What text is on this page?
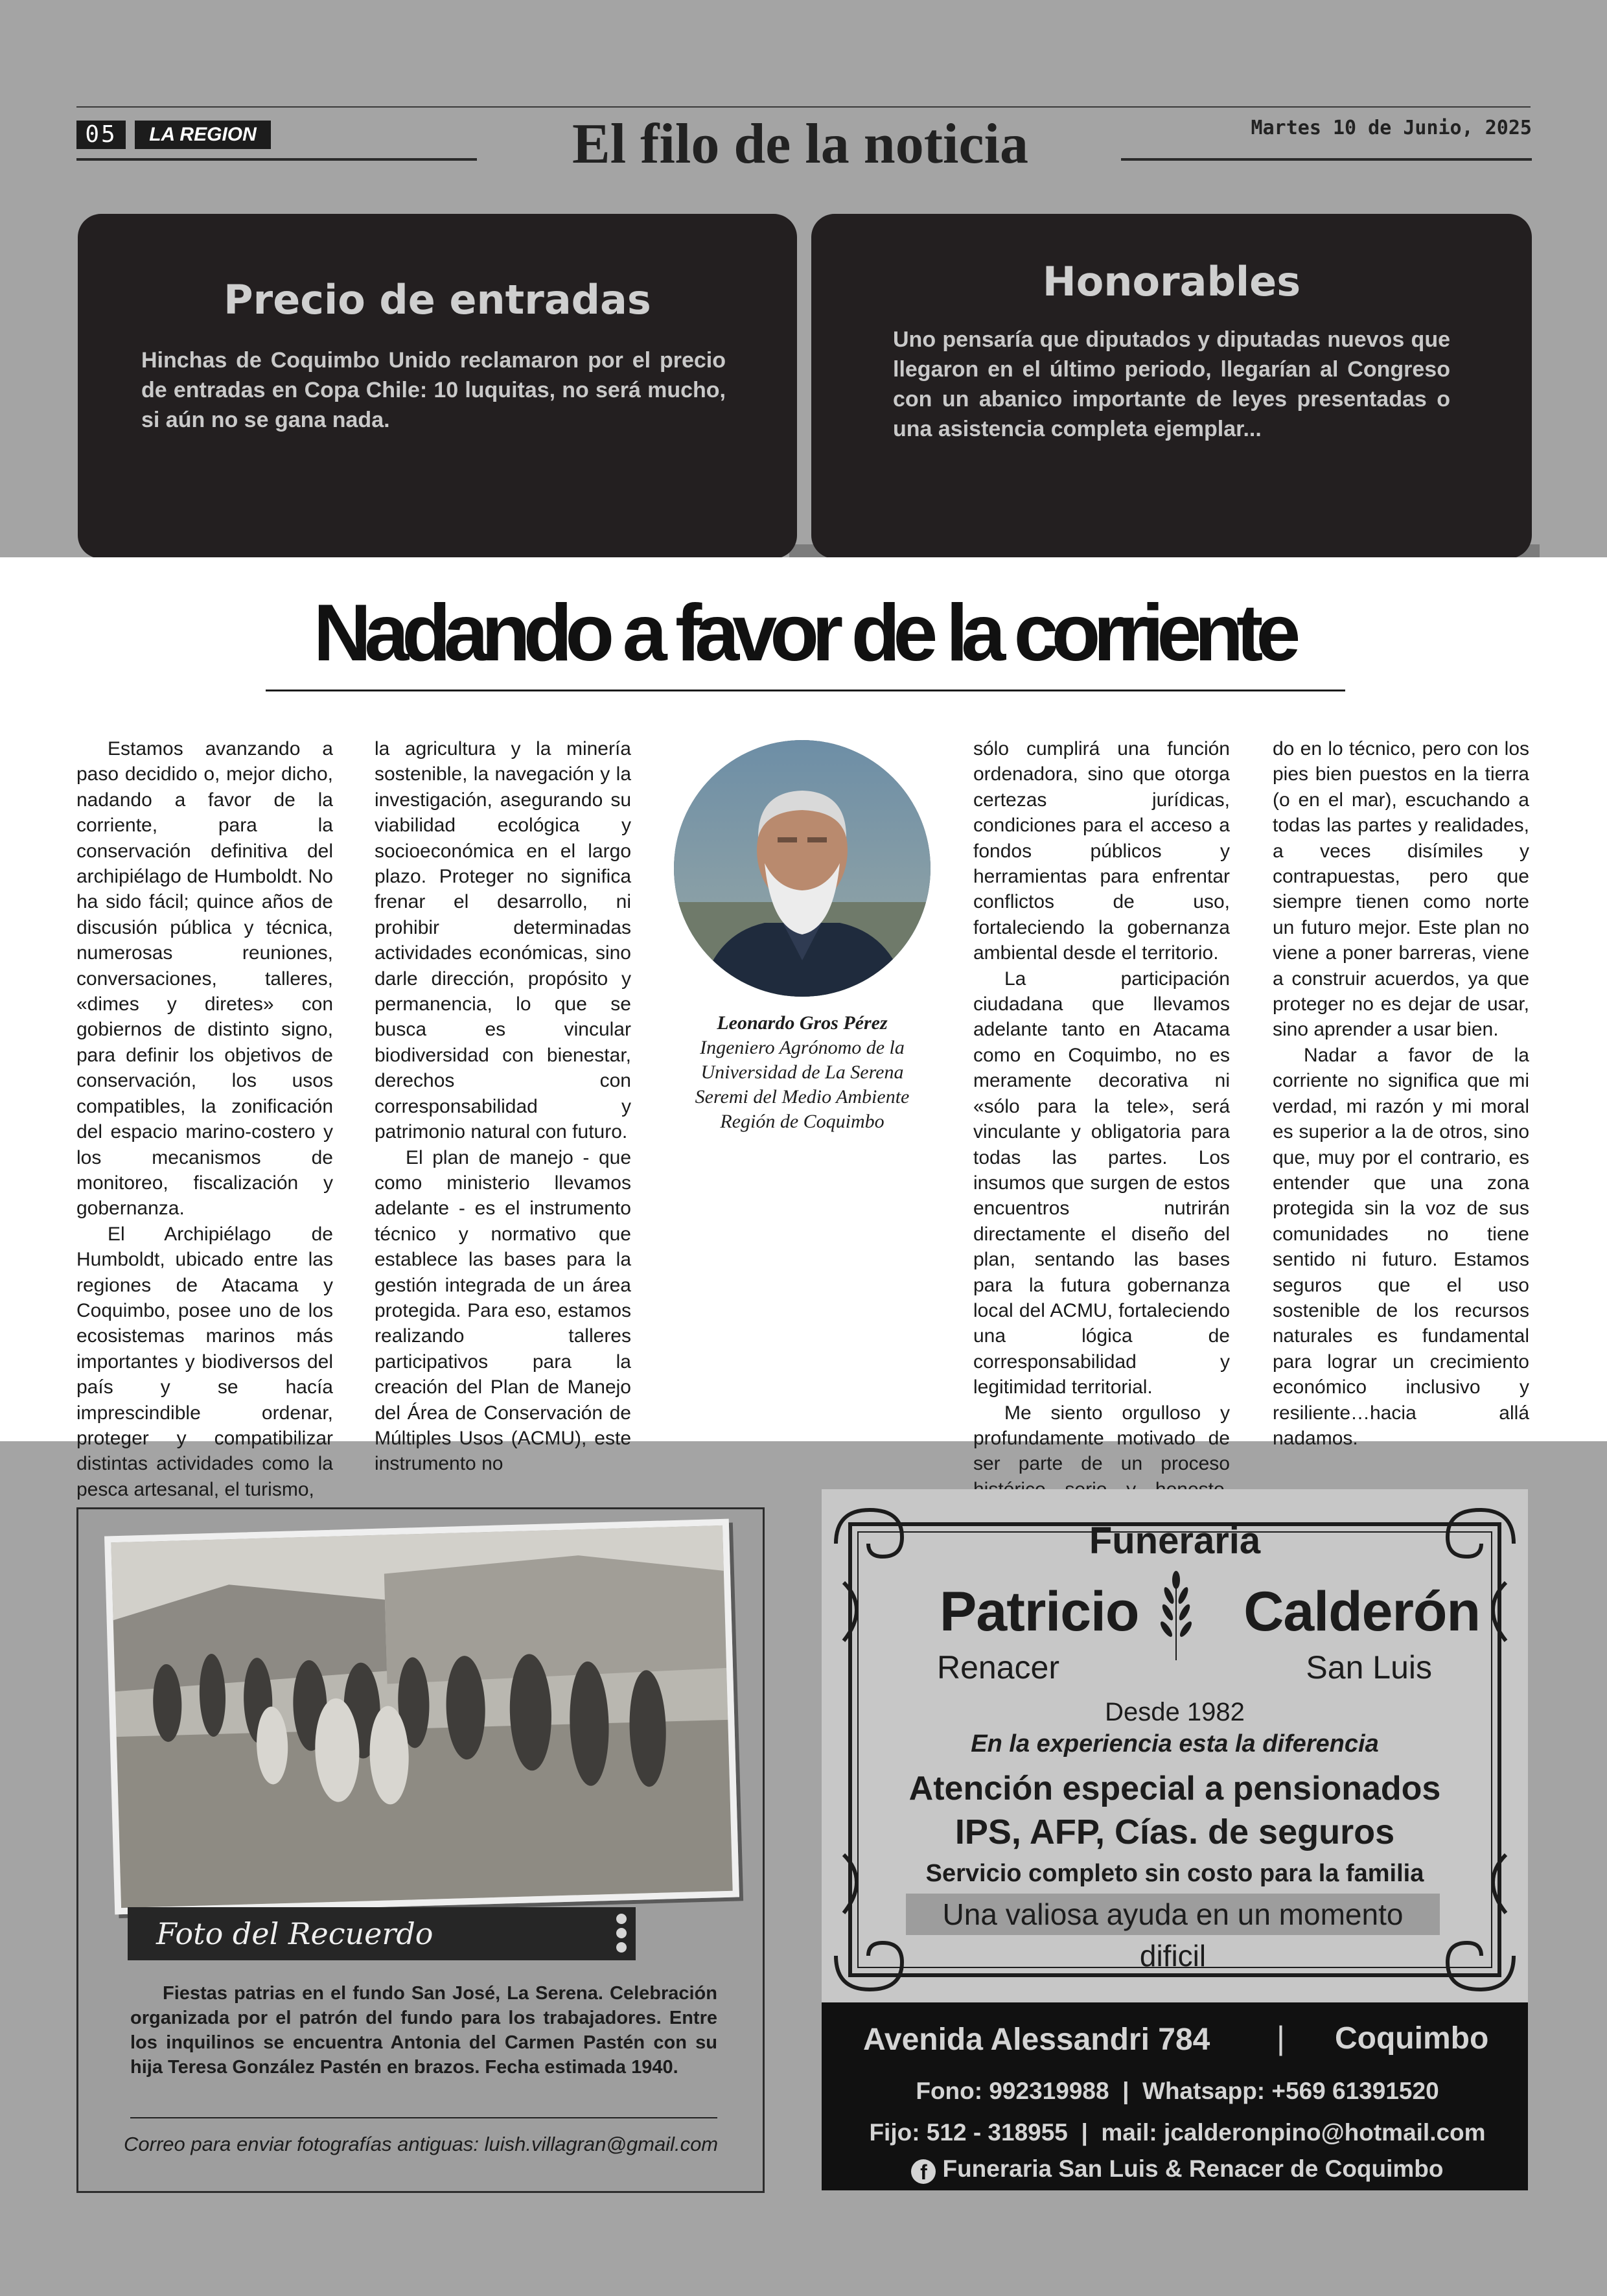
05	LA REGION	El filo de la noticia	Martes 10 de Junio, 2025
Precio de entradas

Hinchas de Coquimbo Unido reclamaron por el precio de entradas en Copa Chile: 10 luquitas, no será mucho, si aún no se gana nada.

Honorables

Uno pensaría que diputados y diputadas nuevos que llegaron en el último periodo, llegarían al Congreso con un abanico importante de leyes presentadas o una asistencia completa ejemplar...

Nadando a favor de la corriente

Estamos avanzando a paso decidido o, mejor dicho, nadando a favor de la corriente, para la conservación definitiva del archipiélago de Humboldt. No ha sido fácil; quince años de discusión pública y técnica, numerosas reuniones, conversaciones, talleres, «dimes y diretes» con gobiernos de distinto signo, para definir los objetivos de conservación, los usos compatibles, la zonificación del espacio marino-costero y los mecanismos de monitoreo, fiscalización y gobernanza.

El Archipiélago de Humboldt, ubicado entre las regiones de Atacama y Coquimbo, posee uno de los ecosistemas marinos más importantes y biodiversos del país y se hacía imprescindible ordenar, proteger y compatibilizar distintas actividades como la pesca artesanal, el turismo,

la agricultura y la minería sostenible, la navegación y la investigación, asegurando su viabilidad ecológica y socioeconómica en el largo plazo. Proteger no significa frenar el desarrollo, ni prohibir determinadas actividades económicas, sino darle dirección, propósito y permanencia, lo que se busca es vincular biodiversidad con bienestar, derechos con corresponsabilidad y patrimonio natural con futuro.

El plan de manejo - que como ministerio llevamos adelante - es el instrumento técnico y normativo que establece las bases para la gestión integrada de un área protegida. Para eso, estamos realizando talleres participativos para la creación del Plan de Manejo del Área de Conservación de Múltiples Usos (ACMU), este instrumento no

Leonardo Gros Pérez
Ingeniero Agrónomo de la
Universidad de La Serena
Seremi del Medio Ambiente
Región de Coquimbo

sólo cumplirá una función ordenadora, sino que otorga certezas jurídicas, condiciones para el acceso a fondos públicos y herramientas para enfrentar conflictos de uso, fortaleciendo la gobernanza ambiental desde el territorio.

La participación ciudadana que llevamos adelante tanto en Atacama como en Coquimbo, no es meramente decorativa ni «sólo para la tele», será vinculante y obligatoria para todas las partes. Los insumos que surgen de estos encuentros nutrirán directamente el diseño del plan, sentando las bases para la futura gobernanza local del ACMU, fortaleciendo una lógica de corresponsabilidad y legitimidad territorial.

Me siento orgulloso y profundamente motivado de ser parte de un proceso

do en lo técnico, pero con los pies bien puestos en la tierra (o en el mar), escuchando a todas las partes y realidades, a veces disímiles y contrapuestas, pero que siempre tienen como norte un futuro mejor. Este plan no viene a poner barreras, viene a construir acuerdos, ya que proteger no es dejar de usar, sino aprender a usar bien.

Nadar a favor de la corriente no significa que mi verdad, mi razón y mi moral es superior a la de otros, sino que, muy por el contrario, es entender que una zona protegida sin la voz de sus comunidades no tiene sentido ni futuro. Estamos seguros que el uso sostenible de los recursos naturales es fundamental para lograr un crecimiento económico inclusivo y resiliente…hacia allá nadamos.

Foto del Recuerdo

Fiestas patrias en el fundo San José, La Serena. Celebración organizada por el patrón del fundo para los trabajadores. Entre los inquilinos se encuentra Antonia del Carmen Pastén con su hija Teresa González Pastén en brazos. Fecha estimada 1940.

Correo para enviar fotografías antiguas: luish.villagran@gmail.com
Funeraria
Patricio Calderón
Renacer	San Luis
Desde 1982
En la experiencia esta la diferencia
Atención especial a pensionados
IPS, AFP, Cías. de seguros
Servicio completo sin costo para la familia
Una valiosa ayuda en un momento dificil
Avenida Alessandri 784 | Coquimbo
Fono: 992319988  |  Whatsapp: +569 61391520
Fijo: 512 - 318955  |  mail: jcalderonpino@hotmail.com
f Funeraria San Luis & Renacer de Coquimbo
